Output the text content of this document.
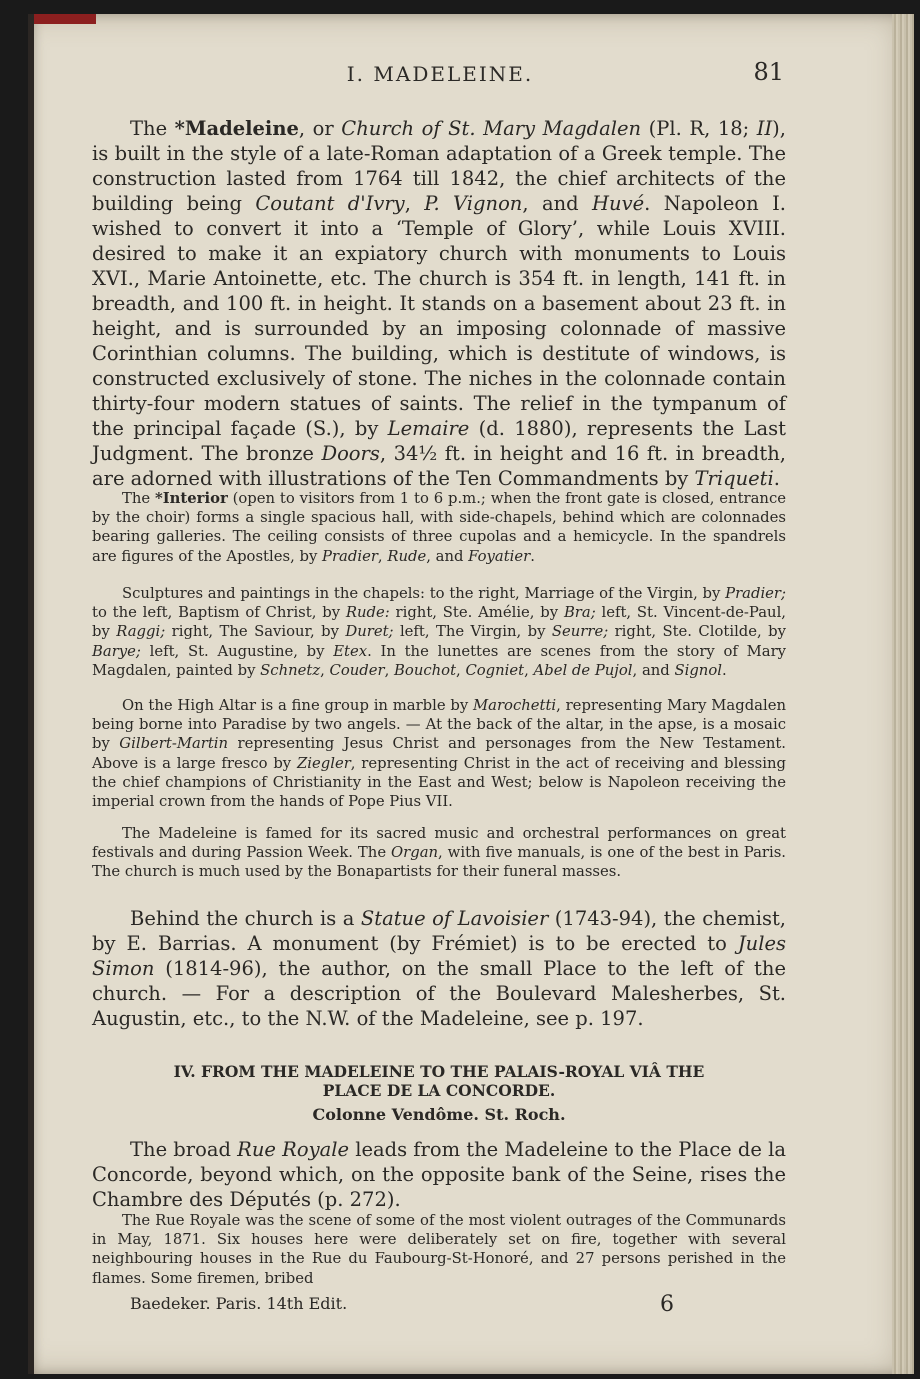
I. MADELEINE.	81
The *Madeleine, or Church of St. Mary Magdalen (Pl. R, 18; II), is built in the style of a late-Roman adaptation of a Greek temple. The construction lasted from 1764 till 1842, the chief architects of the building being Coutant d'Ivry, P. Vignon, and Huvé. Napoleon I. wished to convert it into a ‘Temple of Glory’, while Louis XVIII. desired to make it an expiatory church with monuments to Louis XVI., Marie Antoinette, etc. The church is 354 ft. in length, 141 ft. in breadth, and 100 ft. in height. It stands on a basement about 23 ft. in height, and is surrounded by an imposing colonnade of massive Corinthian columns. The building, which is destitute of windows, is constructed exclusively of stone. The niches in the colonnade contain thirty-four modern statues of saints. The relief in the tympanum of the principal façade (S.), by Lemaire (d. 1880), represents the Last Judgment. The bronze Doors, 34½ ft. in height and 16 ft. in breadth, are adorned with illustrations of the Ten Commandments by Triqueti.
The *Interior (open to visitors from 1 to 6 p.m.; when the front gate is closed, entrance by the choir) forms a single spacious hall, with side-chapels, behind which are colonnades bearing galleries. The ceiling consists of three cupolas and a hemicycle. In the spandrels are figures of the Apostles, by Pradier, Rude, and Foyatier.
Sculptures and paintings in the chapels: to the right, Marriage of the Virgin, by Pradier; to the left, Baptism of Christ, by Rude: right, Ste. Amélie, by Bra; left, St. Vincent-de-Paul, by Raggi; right, The Saviour, by Duret; left, The Virgin, by Seurre; right, Ste. Clotilde, by Barye; left, St. Augustine, by Etex. In the lunettes are scenes from the story of Mary Magdalen, painted by Schnetz, Couder, Bouchot, Cogniet, Abel de Pujol, and Signol.
On the High Altar is a fine group in marble by Marochetti, representing Mary Magdalen being borne into Paradise by two angels. — At the back of the altar, in the apse, is a mosaic by Gilbert-Martin representing Jesus Christ and personages from the New Testament. Above is a large fresco by Ziegler, representing Christ in the act of receiving and blessing the chief champions of Christianity in the East and West; below is Napoleon receiving the imperial crown from the hands of Pope Pius VII.
The Madeleine is famed for its sacred music and orchestral performances on great festivals and during Passion Week. The Organ, with five manuals, is one of the best in Paris. The church is much used by the Bonapartists for their funeral masses.
Behind the church is a Statue of Lavoisier (1743-94), the chemist, by E. Barrias. A monument (by Frémiet) is to be erected to Jules Simon (1814-96), the author, on the small Place to the left of the church. — For a description of the Boulevard Malesherbes, St. Augustin, etc., to the N.W. of the Madeleine, see p. 197.
IV. FROM THE MADELEINE TO THE PALAIS-ROYAL VIÂ THE
PLACE DE LA CONCORDE.
Colonne Vendôme. St. Roch.
The broad Rue Royale leads from the Madeleine to the Place de la Concorde, beyond which, on the opposite bank of the Seine, rises the Chambre des Députés (p. 272).
The Rue Royale was the scene of some of the most violent outrages of the Communards in May, 1871. Six houses here were deliberately set on fire, together with several neighbouring houses in the Rue du Faubourg-St-Honoré, and 27 persons perished in the flames. Some firemen, bribed
Baedeker. Paris. 14th Edit.	6
